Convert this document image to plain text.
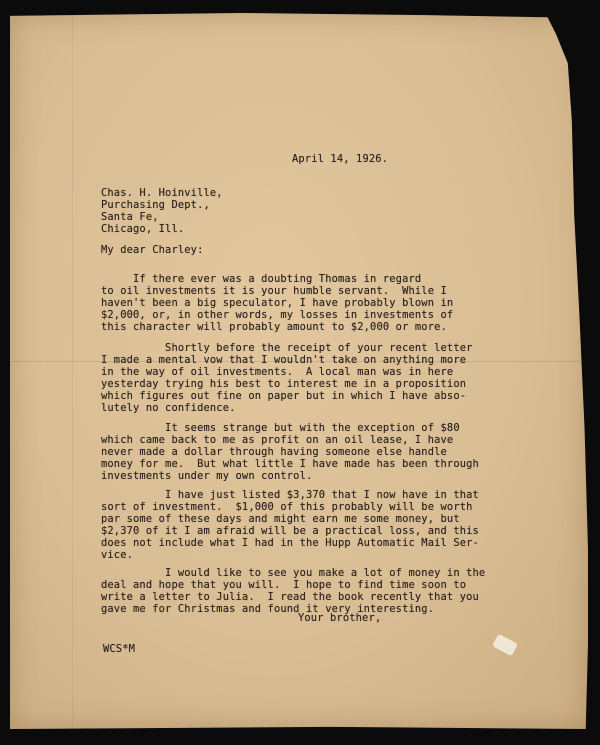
April 14, 1926.

Chas. H. Hoinville,

Purchasing Dept.,

Santa Fe,

Chicago, Ill.

My dear Charley:

If there ever was a doubting Thomas in regard

to oil investments it is your humble servant.  While I

haven't been a big speculator, I have probably blown in

$2,000, or, in other words, my losses in investments of

this character will probably amount to $2,000 or more.

Shortly before the receipt of your recent letter

I made a mental vow that I wouldn't take on anything more

in the way of oil investments.  A local man was in here

yesterday trying his best to interest me in a proposition

which figures out fine on paper but in which I have abso-

lutely no confidence.

It seems strange but with the exception of $80

which came back to me as profit on an oil lease, I have

never made a dollar through having someone else handle

money for me.  But what little I have made has been through

investments under my own control.

I have just listed $3,370 that I now have in that

sort of investment.  $1,000 of this probably will be worth

par some of these days and might earn me some money, but

$2,370 of it I am afraid will be a practical loss, and this

does not include what I had in the Hupp Automatic Mail Ser-

vice.

I would like to see you make a lot of money in the

deal and hope that you will.  I hope to find time soon to

write a letter to Julia.  I read the book recently that you

gave me for Christmas and found it very interesting.

Your brother,
WCS*M
